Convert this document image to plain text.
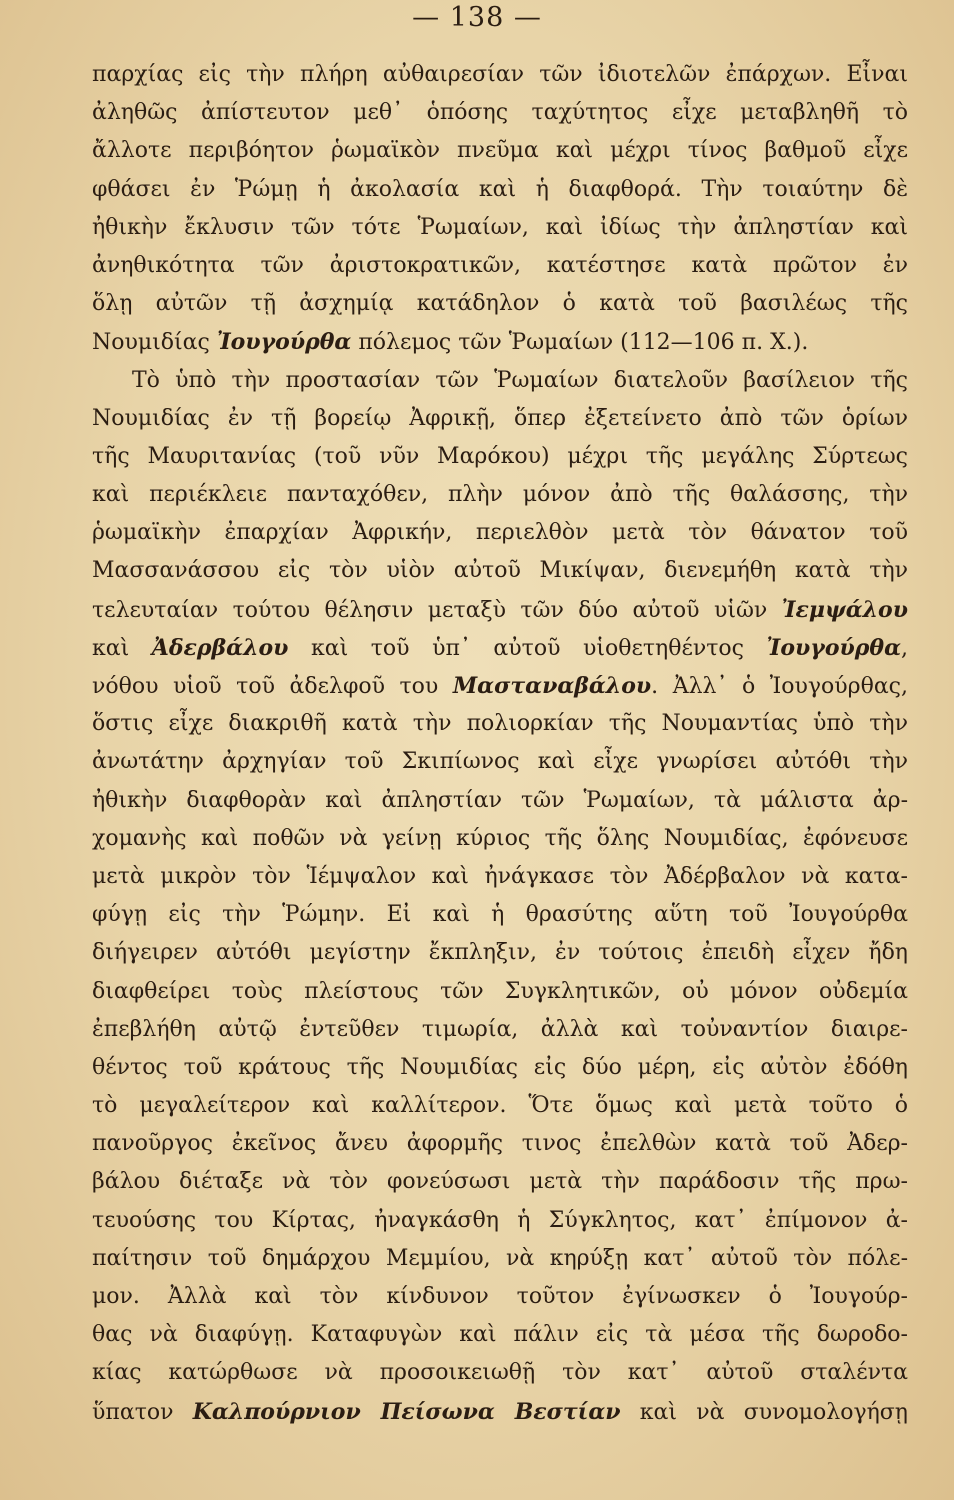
— 138 —
παρχίας εἰς τὴν πλήρη αὐθαιρεσίαν τῶν ἰδιοτελῶν ἐπάρχων. Εἶναι
ἀληθῶς ἀπίστευτον μεθ᾽ ὁπόσης ταχύτητος εἶχε μεταβληθῆ τὸ
ἄλλοτε περιβόητον ῥωμαϊκὸν πνεῦμα καὶ μέχρι τίνος βαθμοῦ εἶχε
φθάσει ἐν Ῥώμῃ ἡ ἀκολασία καὶ ἡ διαφθορά. Τὴν τοιαύτην δὲ
ἠθικὴν ἔκλυσιν τῶν τότε Ῥωμαίων, καὶ ἰδίως τὴν ἀπληστίαν καὶ
ἀνηθικότητα τῶν ἀριστοκρατικῶν, κατέστησε κατὰ πρῶτον ἐν
ὅλῃ αὐτῶν τῇ ἀσχημίᾳ κατάδηλον ὁ κατὰ τοῦ βασιλέως τῆς
Νουμιδίας Ἰουγούρθα πόλεμος τῶν Ῥωμαίων (112—106 π. Χ.).
Τὸ ὑπὸ τὴν προστασίαν τῶν Ῥωμαίων διατελοῦν βασίλειον τῆς
Νουμιδίας ἐν τῇ βορείῳ Ἀφρικῇ, ὅπερ ἐξετείνετο ἀπὸ τῶν ὁρίων
τῆς Μαυριτανίας (τοῦ νῦν Μαρόκου) μέχρι τῆς μεγάλης Σύρτεως
καὶ περιέκλειε πανταχόθεν, πλὴν μόνον ἀπὸ τῆς θαλάσσης, τὴν
ῥωμαϊκὴν ἐπαρχίαν Ἀφρικήν, περιελθὸν μετὰ τὸν θάνατον τοῦ
Μασσανάσσου εἰς τὸν υἱὸν αὐτοῦ Μικίψαν, διενεμήθη κατὰ τὴν
τελευταίαν τούτου θέλησιν μεταξὺ τῶν δύο αὐτοῦ υἱῶν Ἰεμψάλου
καὶ Ἀδερβάλου καὶ τοῦ ὑπ᾽ αὐτοῦ υἱοθετηθέντος Ἰουγούρθα,
νόθου υἱοῦ τοῦ ἀδελφοῦ του Μασταναβάλου. Ἀλλ᾽ ὁ Ἰουγούρθας,
ὅστις εἶχε διακριθῆ κατὰ τὴν πολιορκίαν τῆς Νουμαντίας ὑπὸ τὴν
ἀνωτάτην ἀρχηγίαν τοῦ Σκιπίωνος καὶ εἶχε γνωρίσει αὐτόθι τὴν
ἠθικὴν διαφθορὰν καὶ ἀπληστίαν τῶν Ῥωμαίων, τὰ μάλιστα ἀρ-
χομανὴς καὶ ποθῶν νὰ γείνῃ κύριος τῆς ὅλης Νουμιδίας, ἐφόνευσε
μετὰ μικρὸν τὸν Ἱέμψαλον καὶ ἠνάγκασε τὸν Ἀδέρβαλον νὰ κατα-
φύγῃ εἰς τὴν Ῥώμην. Εἰ καὶ ἡ θρασύτης αὕτη τοῦ Ἰουγούρθα
διήγειρεν αὐτόθι μεγίστην ἔκπληξιν, ἐν τούτοις ἐπειδὴ εἶχεν ἤδη
διαφθείρει τοὺς πλείστους τῶν Συγκλητικῶν, οὐ μόνον οὐδεμία
ἐπεβλήθη αὐτῷ ἐντεῦθεν τιμωρία, ἀλλὰ καὶ τοὐναντίον διαιρε-
θέντος τοῦ κράτους τῆς Νουμιδίας εἰς δύο μέρη, εἰς αὐτὸν ἐδόθη
τὸ μεγαλείτερον καὶ καλλίτερον. Ὅτε ὅμως καὶ μετὰ τοῦτο ὁ
πανοῦργος ἐκεῖνος ἄνευ ἀφορμῆς τινος ἐπελθὼν κατὰ τοῦ Ἀδερ-
βάλου διέταξε νὰ τὸν φονεύσωσι μετὰ τὴν παράδοσιν τῆς πρω-
τευούσης του Κίρτας, ἠναγκάσθη ἡ Σύγκλητος, κατ᾽ ἐπίμονον ἀ-
παίτησιν τοῦ δημάρχου Μεμμίου, νὰ κηρύξῃ κατ᾽ αὐτοῦ τὸν πόλε-
μον. Ἀλλὰ καὶ τὸν κίνδυνον τοῦτον ἐγίνωσκεν ὁ Ἰουγούρ-
θας νὰ διαφύγῃ. Καταφυγὼν καὶ πάλιν εἰς τὰ μέσα τῆς δωροδο-
κίας κατώρθωσε νὰ προσοικειωθῇ τὸν κατ᾽ αὐτοῦ σταλέντα
ὕπατον Καλπούρνιον Πείσωνα Βεστίαν καὶ νὰ συνομολογήσῃ
